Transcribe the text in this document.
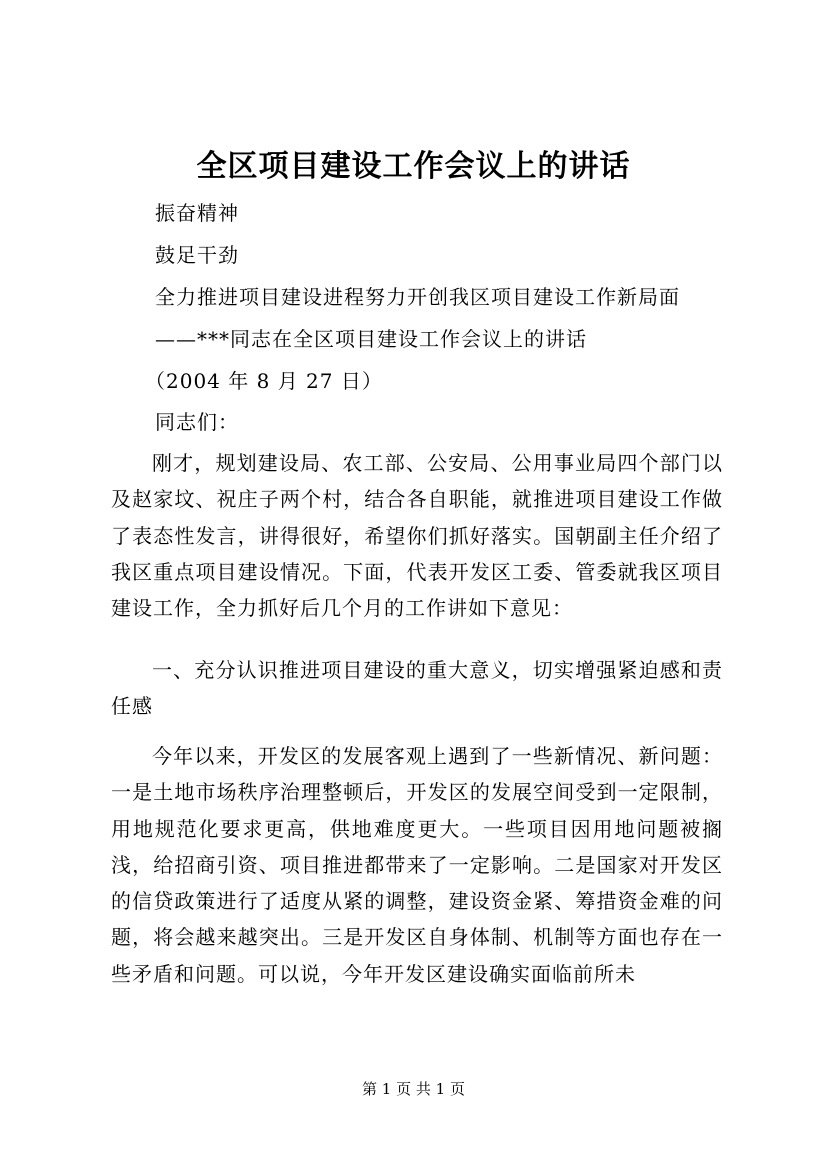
全区项目建设工作会议上的讲话
振奋精神
鼓足干劲
全力推进项目建设进程努力开创我区项目建设工作新局面
——***同志在全区项目建设工作会议上的讲话
（2004 年 8 月 27 日）
同志们：
刚才，规划建设局、农工部、公安局、公用事业局四个部门以及赵家坟、祝庄子两个村，结合各自职能，就推进项目建设工作做了表态性发言，讲得很好，希望你们抓好落实。国朝副主任介绍了我区重点项目建设情况。下面，代表开发区工委、管委就我区项目建设工作，全力抓好后几个月的工作讲如下意见：
一、充分认识推进项目建设的重大意义，切实增强紧迫感和责任感
今年以来，开发区的发展客观上遇到了一些新情况、新问题：一是土地市场秩序治理整顿后，开发区的发展空间受到一定限制，用地规范化要求更高，供地难度更大。一些项目因用地问题被搁浅，给招商引资、项目推进都带来了一定影响。二是国家对开发区的信贷政策进行了适度从紧的调整，建设资金紧、筹措资金难的问题，将会越来越突出。三是开发区自身体制、机制等方面也存在一些矛盾和问题。可以说，今年开发区建设确实面临前所未
第 1 页 共 1 页
